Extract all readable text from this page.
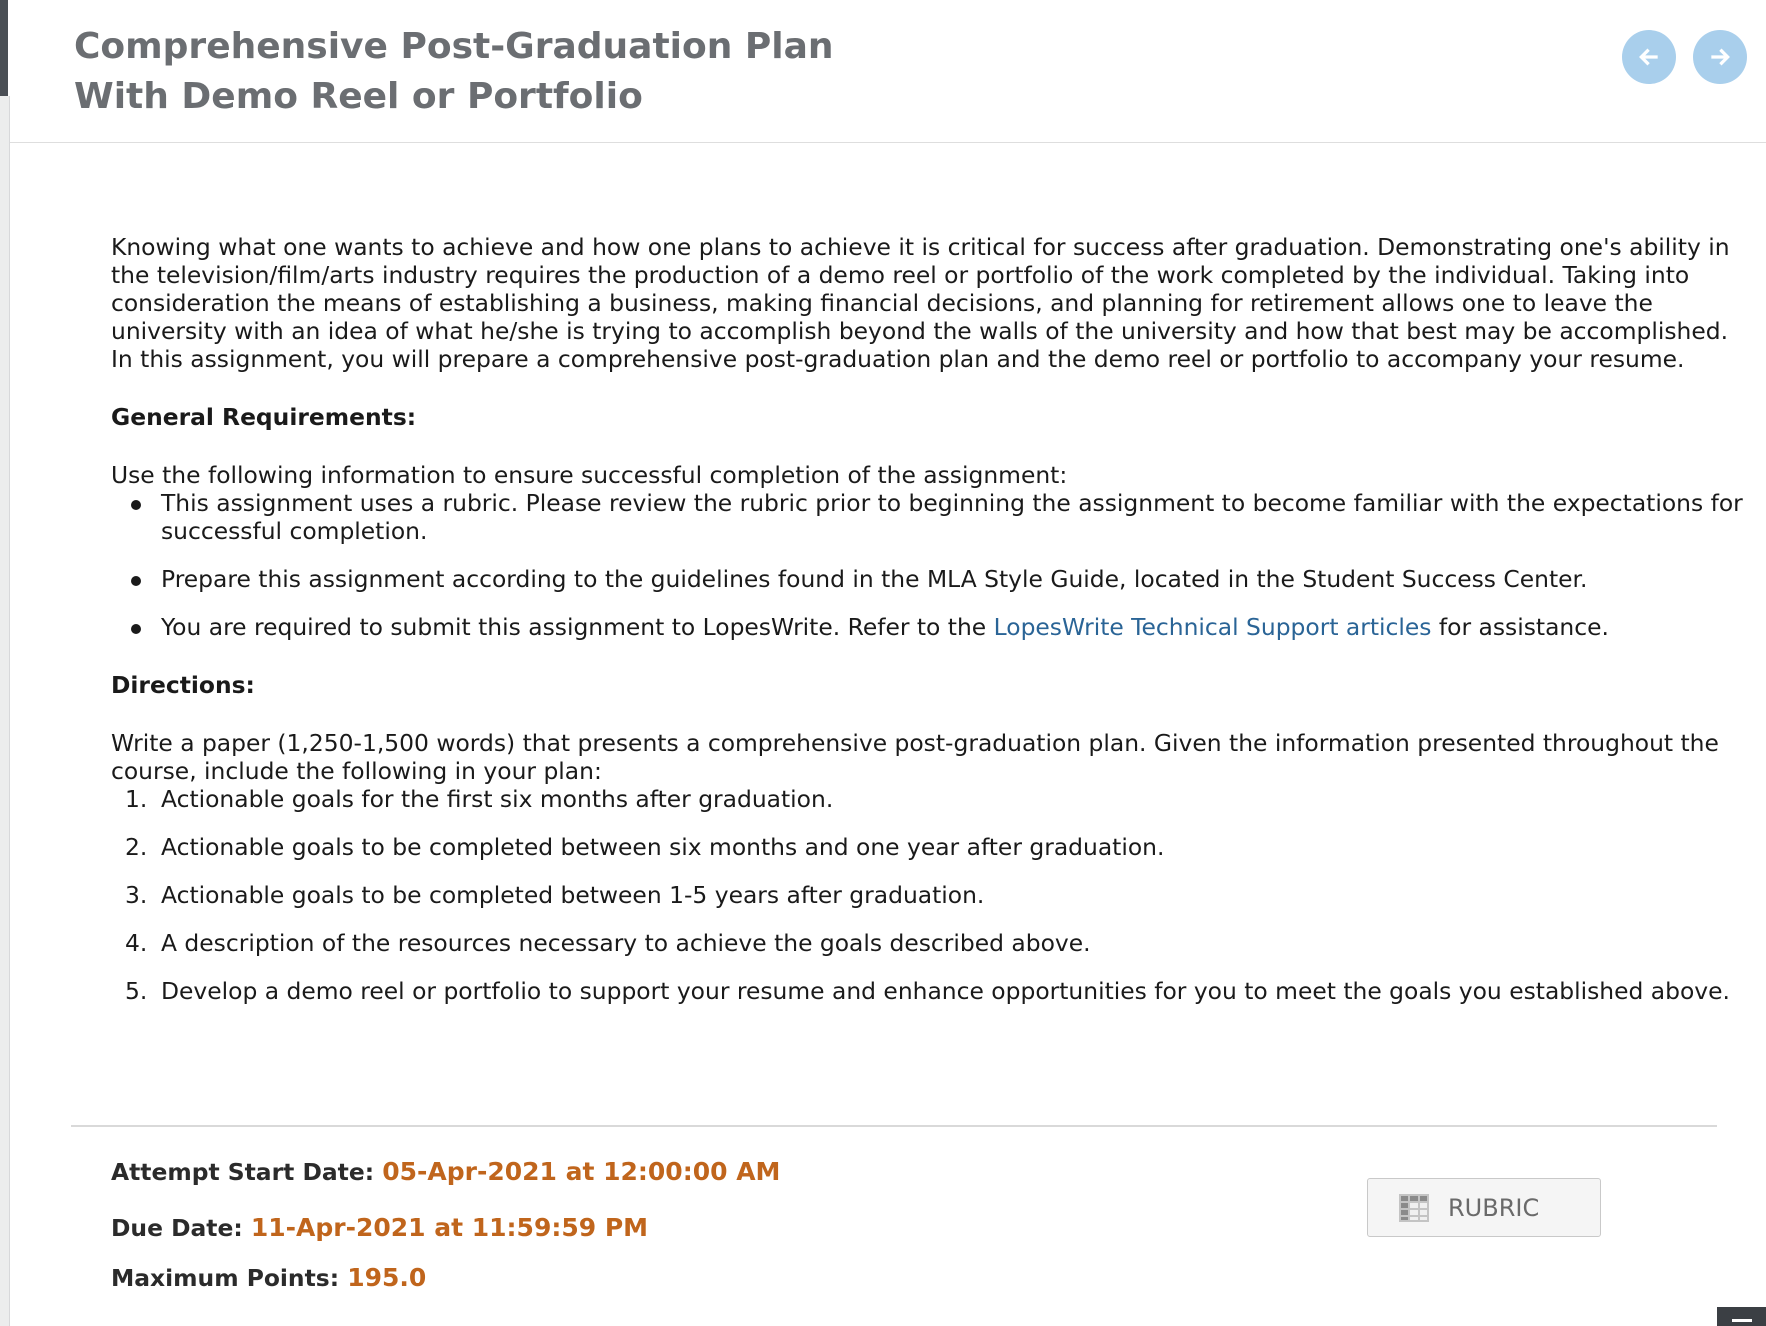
Comprehensive Post-Graduation Plan
With Demo Reel or Portfolio

Knowing what one wants to achieve and how one plans to achieve it is critical for success after graduation. Demonstrating one's ability in the television/film/arts industry requires the production of a demo reel or portfolio of the work completed by the individual. Taking into consideration the means of establishing a business, making financial decisions, and planning for retirement allows one to leave the university with an idea of what he/she is trying to accomplish beyond the walls of the university and how that best may be accomplished. In this assignment, you will prepare a comprehensive post-graduation plan and the demo reel or portfolio to accompany your resume.

General Requirements:

Use the following information to ensure successful completion of the assignment:

This assignment uses a rubric. Please review the rubric prior to beginning the assignment to become familiar with the expectations for successful completion.
Prepare this assignment according to the guidelines found in the MLA Style Guide, located in the Student Success Center.
You are required to submit this assignment to LopesWrite. Refer to the LopesWrite Technical Support articles for assistance.

Directions:

Write a paper (1,250-1,500 words) that presents a comprehensive post-graduation plan. Given the information presented throughout the course, include the following in your plan:

1. Actionable goals for the first six months after graduation.
2. Actionable goals to be completed between six months and one year after graduation.
3. Actionable goals to be completed between 1-5 years after graduation.
4. A description of the resources necessary to achieve the goals described above.
5. Develop a demo reel or portfolio to support your resume and enhance opportunities for you to meet the goals you established above.
Attempt Start Date: 05-Apr-2021 at 12:00:00 AM
Due Date: 11-Apr-2021 at 11:59:59 PM
Maximum Points: 195.0
RUBRIC
